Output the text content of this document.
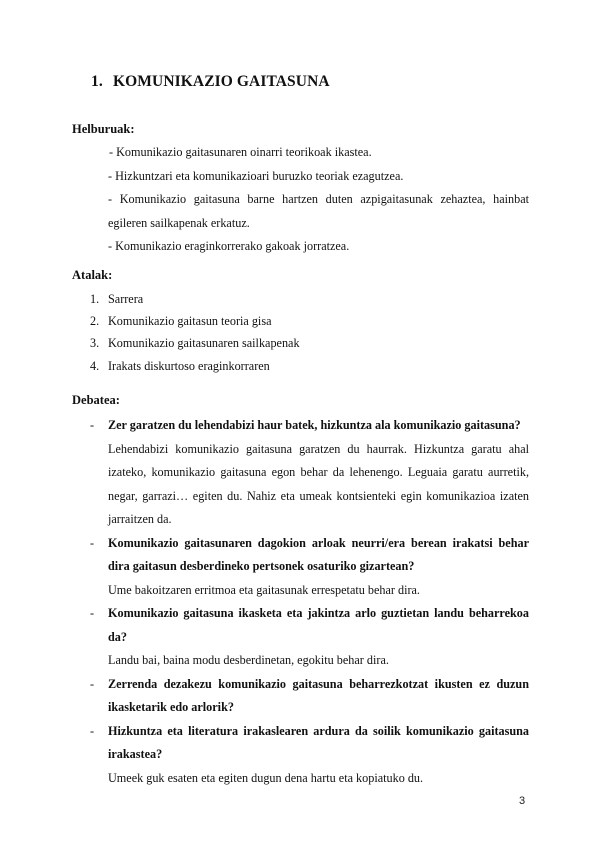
1. KOMUNIKAZIO GAITASUNA
Helburuak:

- Komunikazio gaitasunaren oinarri teorikoak ikastea.

- Hizkuntzari eta komunikazioari buruzko teoriak ezagutzea.

- Komunikazio gaitasuna barne hartzen duten azpigaitasunak zehaztea, hainbat egileren sailkapenak erkatuz.

- Komunikazio eraginkorrerako gakoak jorratzea.

Atalak:
1. Sarrera
2. Komunikazio gaitasun teoria gisa
3. Komunikazio gaitasunaren sailkapenak
4. Irakats diskurtoso eraginkorraren
Debatea:
-	Zer garatzen du lehendabizi haur batek, hizkuntza ala komunikazio gaitasuna?
Lehendabizi komunikazio gaitasuna garatzen du haurrak. Hizkuntza garatu ahal izateko, komunikazio gaitasuna egon behar da lehenengo. Leguaia garatu aurretik, negar, garrazi… egiten du. Nahiz eta umeak kontsienteki egin komunikazioa izaten jarraitzen da.
-	Komunikazio gaitasunaren dagokion arloak neurri/era berean irakatsi behar dira gaitasun desberdineko pertsonek osaturiko gizartean?
Ume bakoitzaren erritmoa eta gaitasunak errespetatu behar dira.
-	Komunikazio gaitasuna ikasketa eta jakintza arlo guztietan landu beharrekoa da?
Landu bai, baina modu desberdinetan, egokitu behar dira.
-	Zerrenda dezakezu komunikazio gaitasuna beharrezkotzat ikusten ez duzun ikasketarik edo arlorik?
-	Hizkuntza eta literatura irakaslearen ardura da soilik komunikazio gaitasuna irakastea?
Umeek guk esaten eta egiten dugun dena hartu eta kopiatuko du.
3
